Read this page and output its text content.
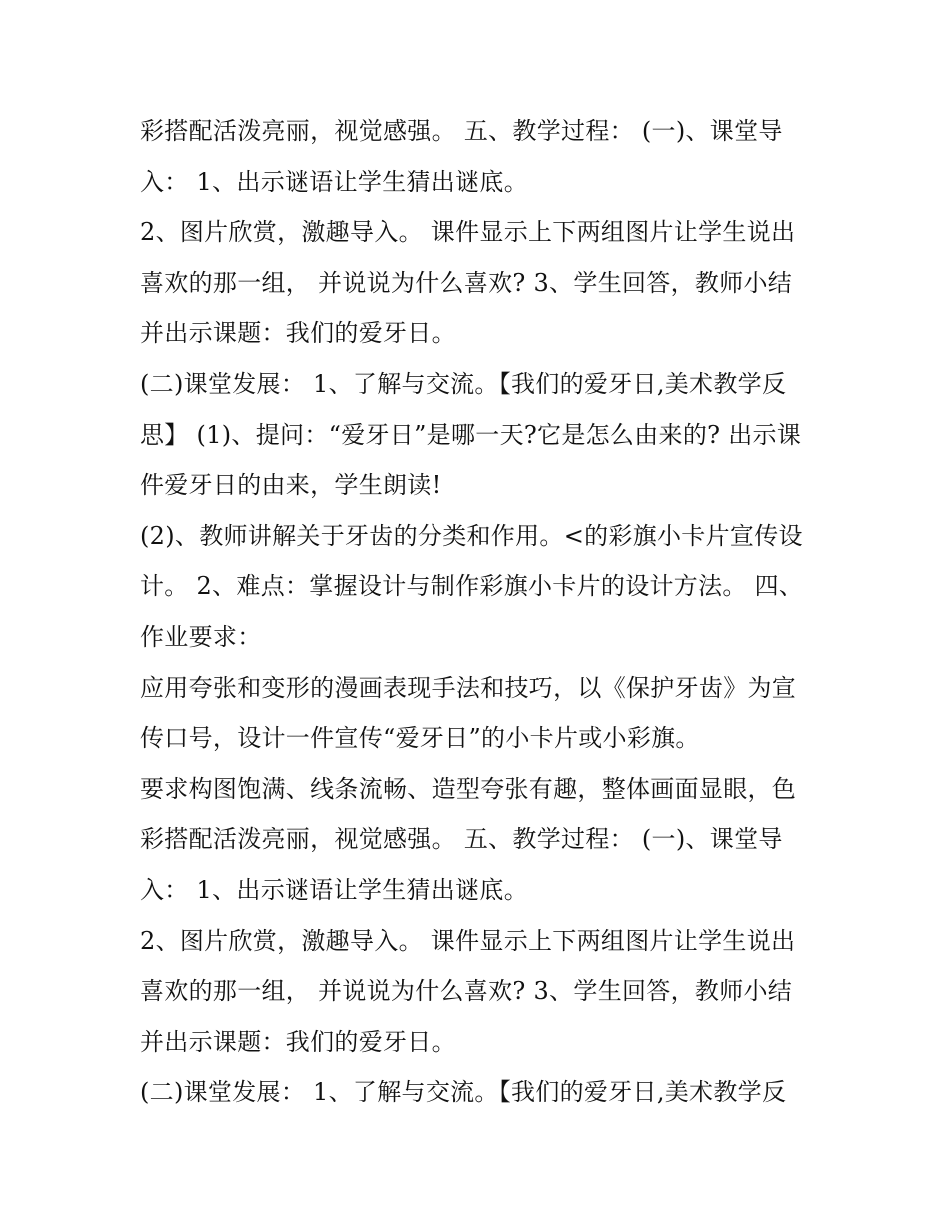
彩搭配活泼亮丽，视觉感强。 五、教学过程： (一)、课堂导
入： 1、出示谜语让学生猜出谜底。
2、图片欣赏，激趣导入。 课件显示上下两组图片让学生说出
喜欢的那一组， 并说说为什么喜欢? 3、学生回答，教师小结
并出示课题：我们的爱牙日。
(二)课堂发展： 1、了解与交流。【我们的爱牙日,美术教学反
思】 (1)、提问：“爱牙日”是哪一天?它是怎么由来的? 出示课
件爱牙日的由来，学生朗读!
(2)、教师讲解关于牙齿的分类和作用。<的彩旗小卡片宣传设
计。 2、难点：掌握设计与制作彩旗小卡片的设计方法。 四、
作业要求：
应用夸张和变形的漫画表现手法和技巧，以《保护牙齿》为宣
传口号，设计一件宣传“爱牙日”的小卡片或小彩旗。
要求构图饱满、线条流畅、造型夸张有趣，整体画面显眼，色
彩搭配活泼亮丽，视觉感强。 五、教学过程： (一)、课堂导
入： 1、出示谜语让学生猜出谜底。
2、图片欣赏，激趣导入。 课件显示上下两组图片让学生说出
喜欢的那一组， 并说说为什么喜欢? 3、学生回答，教师小结
并出示课题：我们的爱牙日。
(二)课堂发展： 1、了解与交流。【我们的爱牙日,美术教学反
